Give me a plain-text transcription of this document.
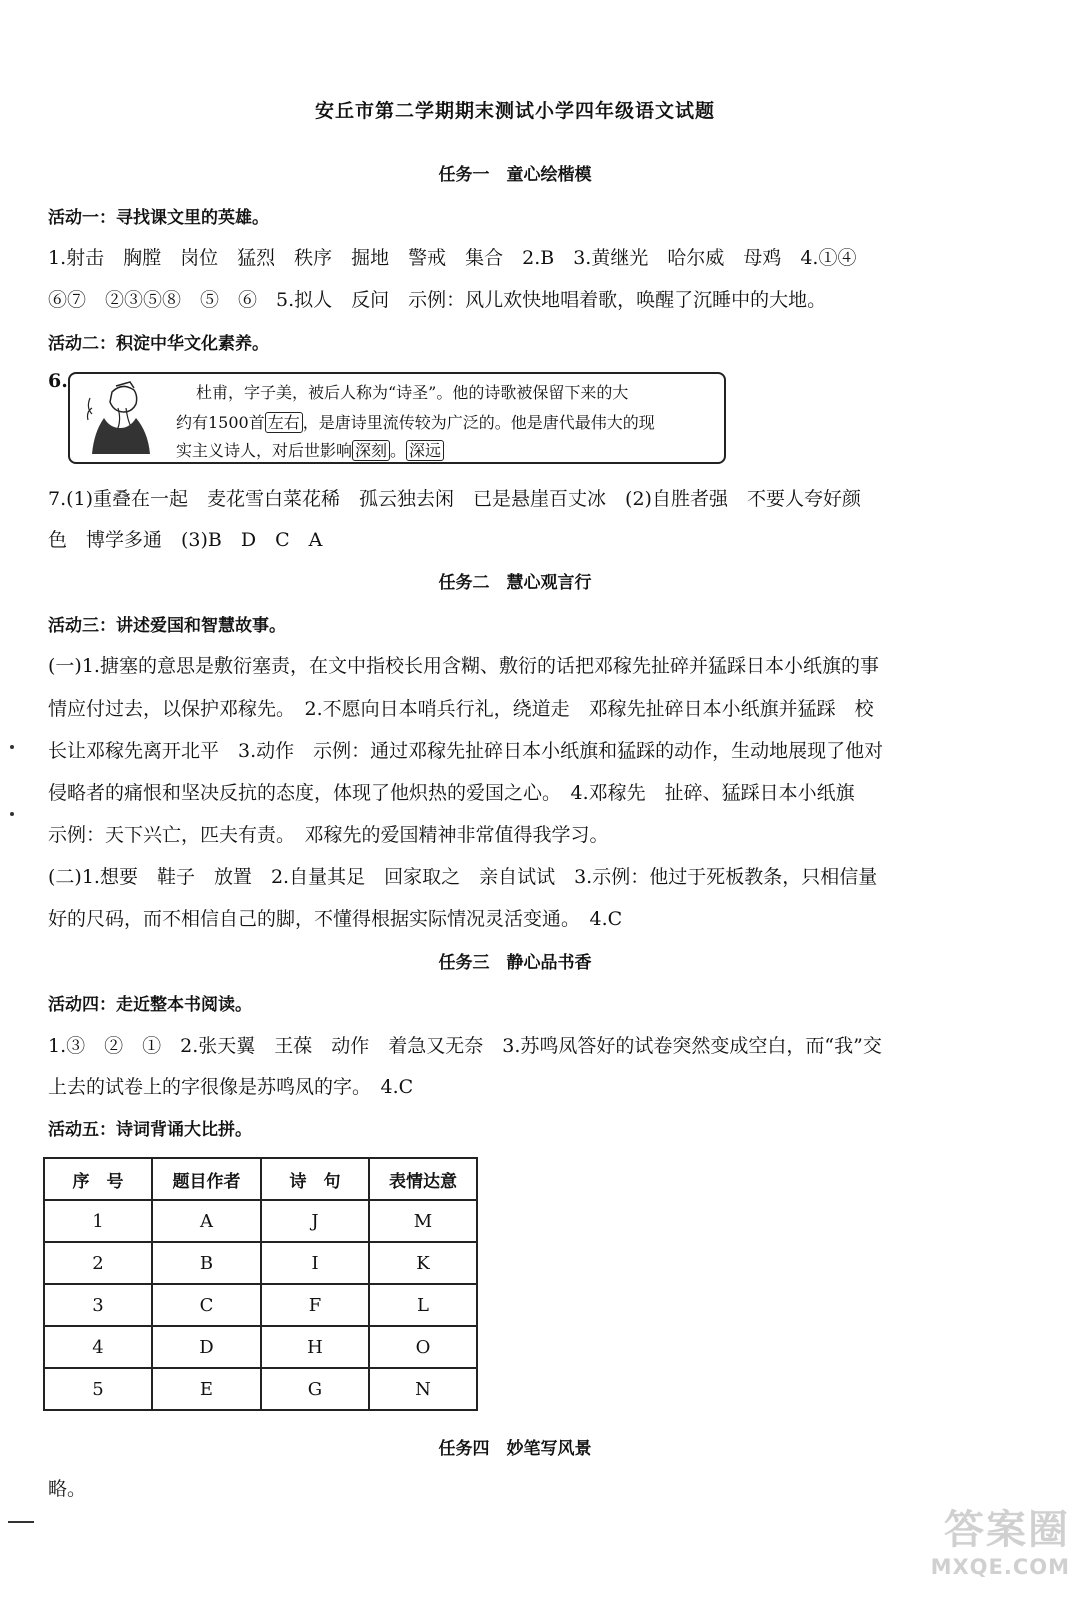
安丘市第二学期期末测试小学四年级语文试题
任务一　童心绘楷模
活动一：寻找课文里的英雄。
1.射击　胸膛　岗位　猛烈　秩序　掘地　警戒　集合　2.B　3.黄继光　哈尔威　母鸡　4.①④
⑥⑦　②③⑤⑧　⑤　⑥　5.拟人　反问　示例：风儿欢快地唱着歌，唤醒了沉睡中的大地。
活动二：积淀中华文化素养。
6.
杜甫，字子美，被后人称为“诗圣”。他的诗歌被保留下来的大
约有1500首 左右 ，是唐诗里流传较为广泛的。他是唐代最伟大的现
实主义诗人，对后世影响 深刻 。 深远
7.(1)重叠在一起　麦花雪白菜花稀　孤云独去闲　已是悬崖百丈冰　(2)自胜者强　不要人夸好颜
色　博学多通　(3)B　D　C　A
任务二　慧心观言行
活动三：讲述爱国和智慧故事。
(一)1.搪塞的意思是敷衍塞责，在文中指校长用含糊、敷衍的话把邓稼先扯碎并猛踩日本小纸旗的事
情应付过去，以保护邓稼先。　2.不愿向日本哨兵行礼，绕道走　邓稼先扯碎日本小纸旗并猛踩　校
长让邓稼先离开北平　3.动作　示例：通过邓稼先扯碎日本小纸旗和猛踩的动作，生动地展现了他对
侵略者的痛恨和坚决反抗的态度，体现了他炽热的爱国之心。　4.邓稼先　扯碎、猛踩日本小纸旗
示例：天下兴亡，匹夫有责。　邓稼先的爱国精神非常值得我学习。
(二)1.想要　鞋子　放置　2.自量其足　回家取之　亲自试试　3.示例：他过于死板教条，只相信量
好的尺码，而不相信自己的脚，不懂得根据实际情况灵活变通。　4.C
任务三　静心品书香
活动四：走近整本书阅读。
1.③　②　①　2.张天翼　王葆　动作　着急又无奈　3.苏鸣凤答好的试卷突然变成空白，而“我”交
上去的试卷上的字很像是苏鸣凤的字。　4.C
活动五：诗词背诵大比拼。
序　号	题目作者	诗　句	表情达意
1	A	J	M
2	B	I	K
3	C	F	L
4	D	H	O
5	E	G	N
任务四　妙笔写风景
略。
答案圈
MXQE.COM
